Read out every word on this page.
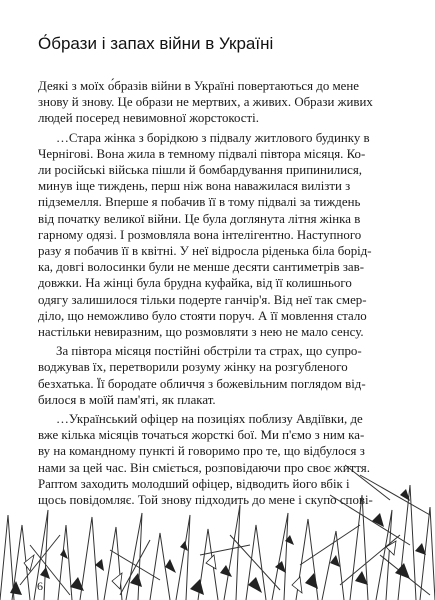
О́брази і запах війни в Україні

Деякі з моїх о́бразів війни в Україні повертаються до мене
знову й знову. Це образи не мертвих, а живих. Образи живих
людей посеред невимовної жорстокості.

…Стара жінка з борідкою з підвалу житлового будинку в
Чернігові. Вона жила в темному підвалі півтора місяця. Ко-
ли російські війська пішли й бомбардування припинилися,
минув іще тиждень, перш ніж вона наважилася вилізти з
підземелля. Вперше я побачив її в тому підвалі за тиждень
від початку великої війни. Це була доглянута літня жінка в
гарному одязі. І розмовляла вона інтелігентно. Наступного
разу я побачив її в квітні. У неї відросла ріденька біла борід-
ка, довгі волосинки були не менше десяти сантиметрів зав-
довжки. На жінці була брудна куфайка, від її колишнього
одягу залишилося тільки подерте ганчір'я. Від неї так смер-
діло, що неможливо було стояти поруч. А її мовлення стало
настільки невиразним, що розмовляти з нею не мало сенсу.

За півтора місяця постійні обстріли та страх, що супро-
воджував їх, перетворили розуму жінку на розгубленого
безхатька. Її бородате обличчя з божевільним поглядом від-
билося в моїй пам'яті, як плакат.

…Український офіцер на позиціях поблизу Авдіївки, де
вже кілька місяців точаться жорсткі бої. Ми п'ємо з ним ка-
ву на командному пункті й говоримо про те, що відбулося з
нами за цей час. Він сміється, розповідаючи про своє життя.
Раптом заходить молодший офіцер, відводить його вбік і
щось повідомляє. Той знову підходить до мене і скупо спові-

6
